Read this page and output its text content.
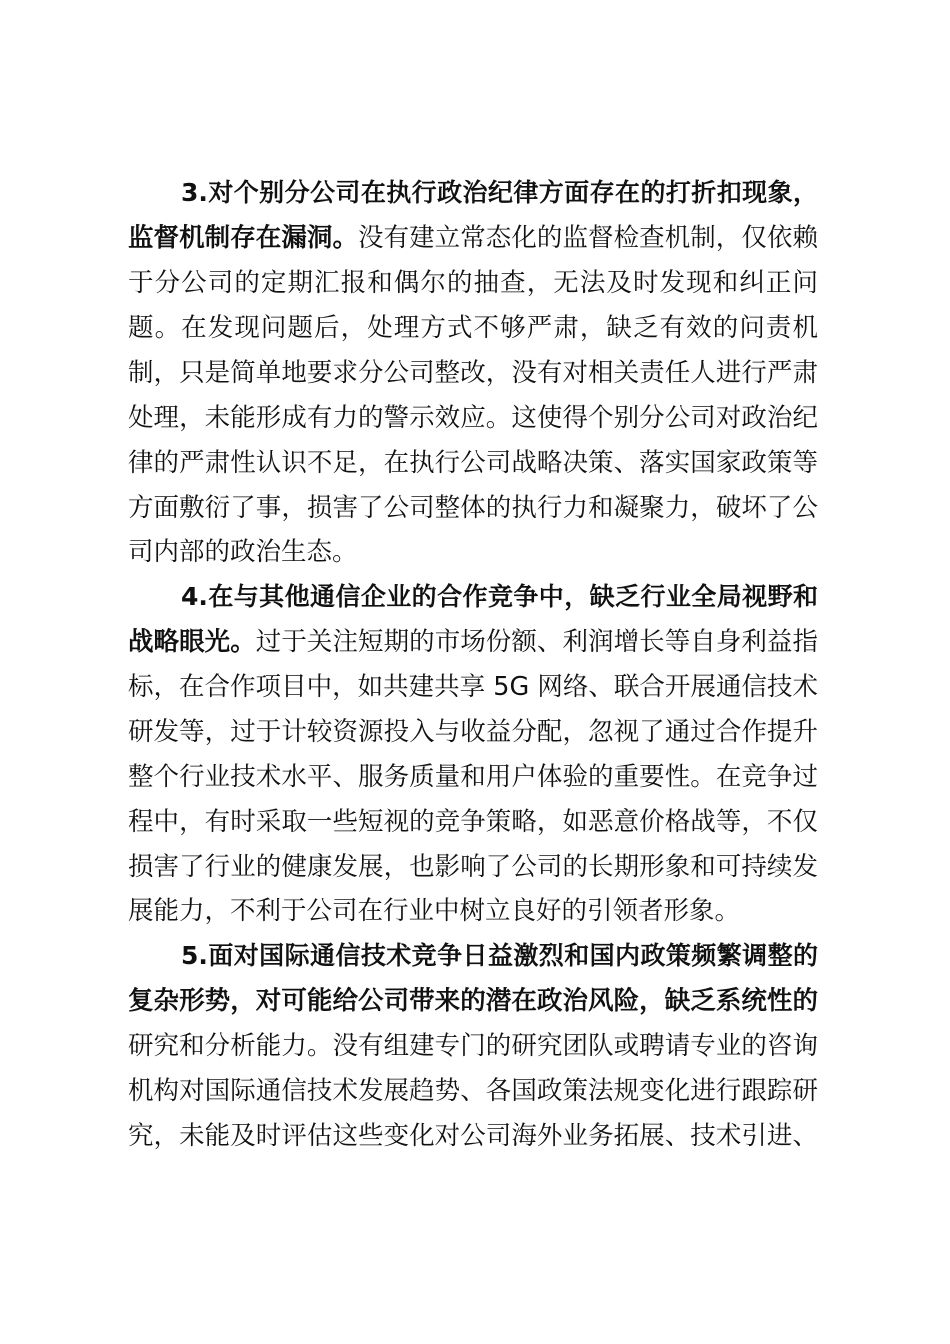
3.对个别分公司在执行政治纪律方面存在的打折扣现象，
监督机制存在漏洞。没有建立常态化的监督检查机制，仅依赖
于分公司的定期汇报和偶尔的抽查，无法及时发现和纠正问
题。在发现问题后，处理方式不够严肃，缺乏有效的问责机
制，只是简单地要求分公司整改，没有对相关责任人进行严肃
处理，未能形成有力的警示效应。这使得个别分公司对政治纪
律的严肃性认识不足，在执行公司战略决策、落实国家政策等
方面敷衍了事，损害了公司整体的执行力和凝聚力，破坏了公
司内部的政治生态。
4.在与其他通信企业的合作竞争中，缺乏行业全局视野和
战略眼光。过于关注短期的市场份额、利润增长等自身利益指
标，在合作项目中，如共建共享 5G 网络、联合开展通信技术
研发等，过于计较资源投入与收益分配，忽视了通过合作提升
整个行业技术水平、服务质量和用户体验的重要性。在竞争过
程中，有时采取一些短视的竞争策略，如恶意价格战等，不仅
损害了行业的健康发展，也影响了公司的长期形象和可持续发
展能力，不利于公司在行业中树立良好的引领者形象。
5.面对国际通信技术竞争日益激烈和国内政策频繁调整的
复杂形势，对可能给公司带来的潜在政治风险，缺乏系统性的
研究和分析能力。没有组建专门的研究团队或聘请专业的咨询
机构对国际通信技术发展趋势、各国政策法规变化进行跟踪研
究，未能及时评估这些变化对公司海外业务拓展、技术引进、
